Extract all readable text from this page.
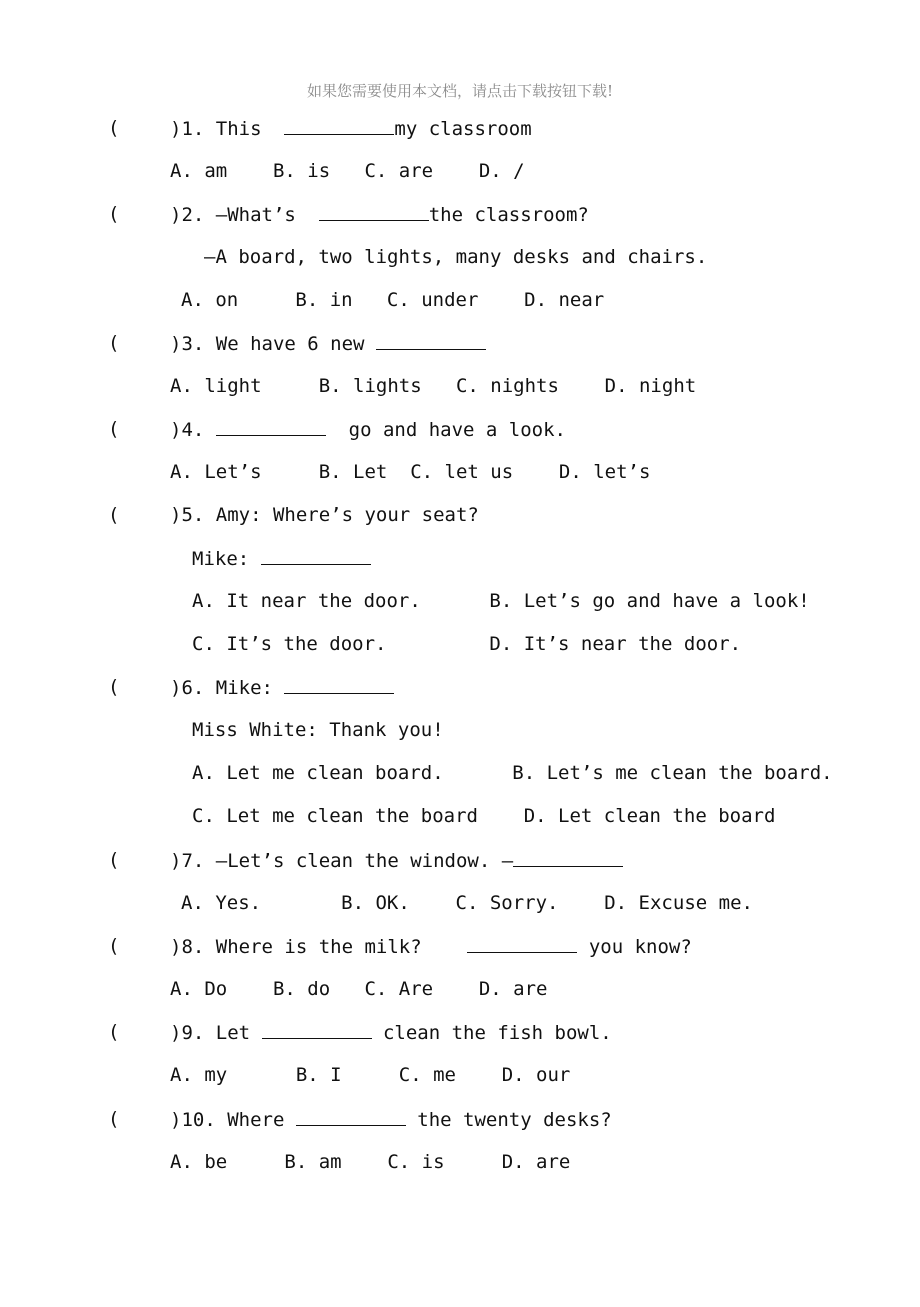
如果您需要使用本文档，请点击下载按钮下载!
(	)1. This	my classroom
A. am    B. is   C. are    D. /
(	)2. —What’s	the classroom?
—A board, two lights, many desks and chairs.
A. on     B. in   C. under    D. near
(	)3. We have 6 new
A. light     B. lights   C. nights    D. night
(	)4.	go and have a look.
A. Let’s     B. Let  C. let us    D. let’s
(	)5. Amy: Where’s your seat?
Mike:
A. It near the door.      B. Let’s go and have a look!
C. It’s the door.         D. It’s near the door.
(	)6. Mike:
Miss White: Thank you!
A. Let me clean board.      B. Let’s me clean the board.
C. Let me clean the board    D. Let clean the board
(	)7. —Let’s clean the window. —
A. Yes.       B. OK.    C. Sorry.    D. Excuse me.
(	)8. Where is the milk?	you know?
A. Do    B. do   C. Are    D. are
(	)9. Let	clean the fish bowl.
A. my      B. I     C. me    D. our
(	)10. Where	the twenty desks?
A. be     B. am    C. is     D. are
